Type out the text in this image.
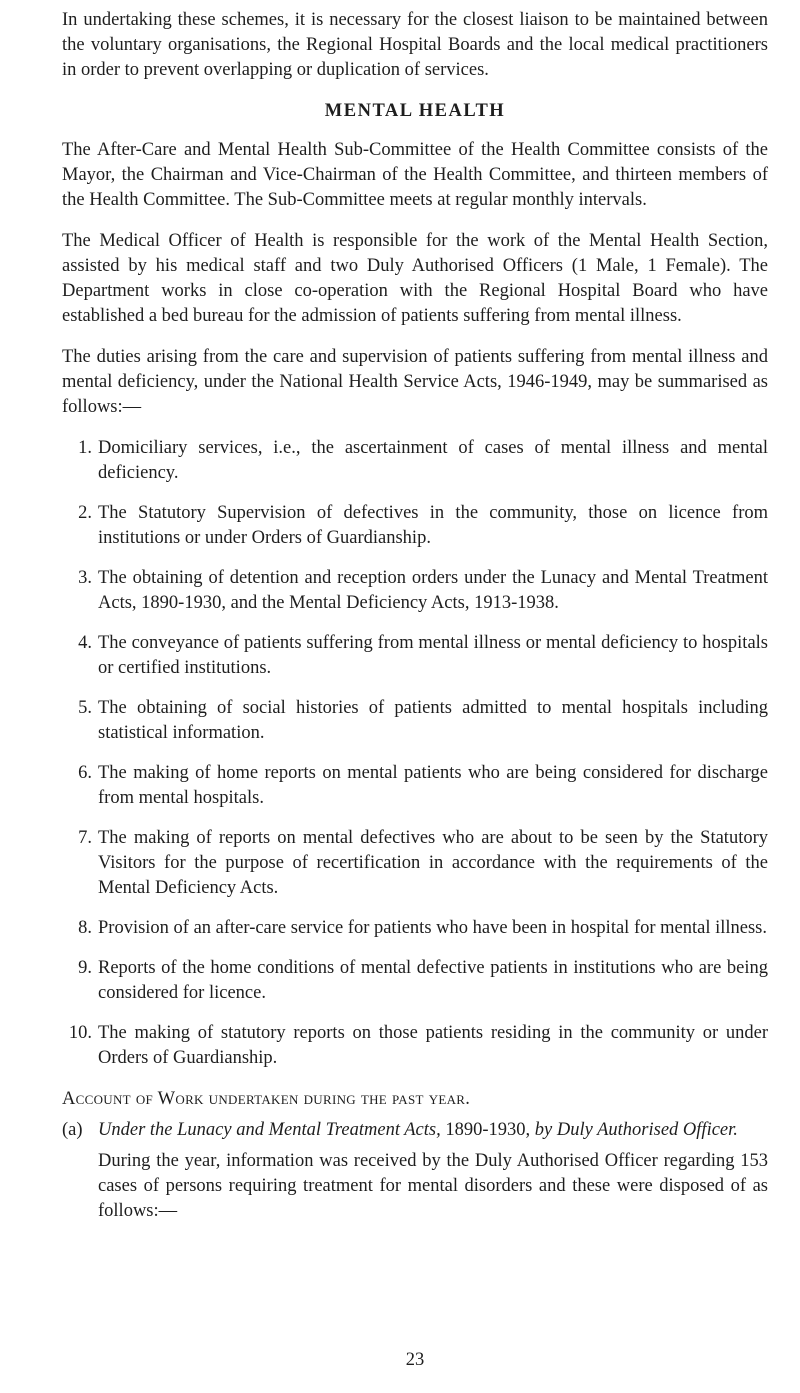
In undertaking these schemes, it is necessary for the closest liaison to be maintained between the voluntary organisations, the Regional Hospital Boards and the local medical practitioners in order to prevent overlapping or duplication of services.

MENTAL HEALTH

The After-Care and Mental Health Sub-Committee of the Health Committee consists of the Mayor, the Chairman and Vice-Chairman of the Health Committee, and thirteen members of the Health Committee. The Sub-Committee meets at regular monthly intervals.

The Medical Officer of Health is responsible for the work of the Mental Health Section, assisted by his medical staff and two Duly Authorised Officers (1 Male, 1 Female). The Department works in close co-operation with the Regional Hospital Board who have established a bed bureau for the admission of patients suffering from mental illness.

The duties arising from the care and supervision of patients suffering from mental illness and mental deficiency, under the National Health Service Acts, 1946-1949, may be summarised as follows:—

1. Domiciliary services, i.e., the ascertainment of cases of mental illness and mental deficiency.
2. The Statutory Supervision of defectives in the community, those on licence from institutions or under Orders of Guardianship.
3. The obtaining of detention and reception orders under the Lunacy and Mental Treatment Acts, 1890-1930, and the Mental Deficiency Acts, 1913-1938.
4. The conveyance of patients suffering from mental illness or mental deficiency to hospitals or certified institutions.
5. The obtaining of social histories of patients admitted to mental hospitals including statistical information.
6. The making of home reports on mental patients who are being considered for discharge from mental hospitals.
7. The making of reports on mental defectives who are about to be seen by the Statutory Visitors for the purpose of recertification in accordance with the requirements of the Mental Deficiency Acts.
8. Provision of an after-care service for patients who have been in hospital for mental illness.
9. Reports of the home conditions of mental defective patients in institutions who are being considered for licence.
10. The making of statutory reports on those patients residing in the community or under Orders of Guardianship.

Account of Work undertaken during the past year.

(a) Under the Lunacy and Mental Treatment Acts, 1890-1930, by Duly Authorised Officer.

During the year, information was received by the Duly Authorised Officer regarding 153 cases of persons requiring treatment for mental disorders and these were disposed of as follows:—

23
